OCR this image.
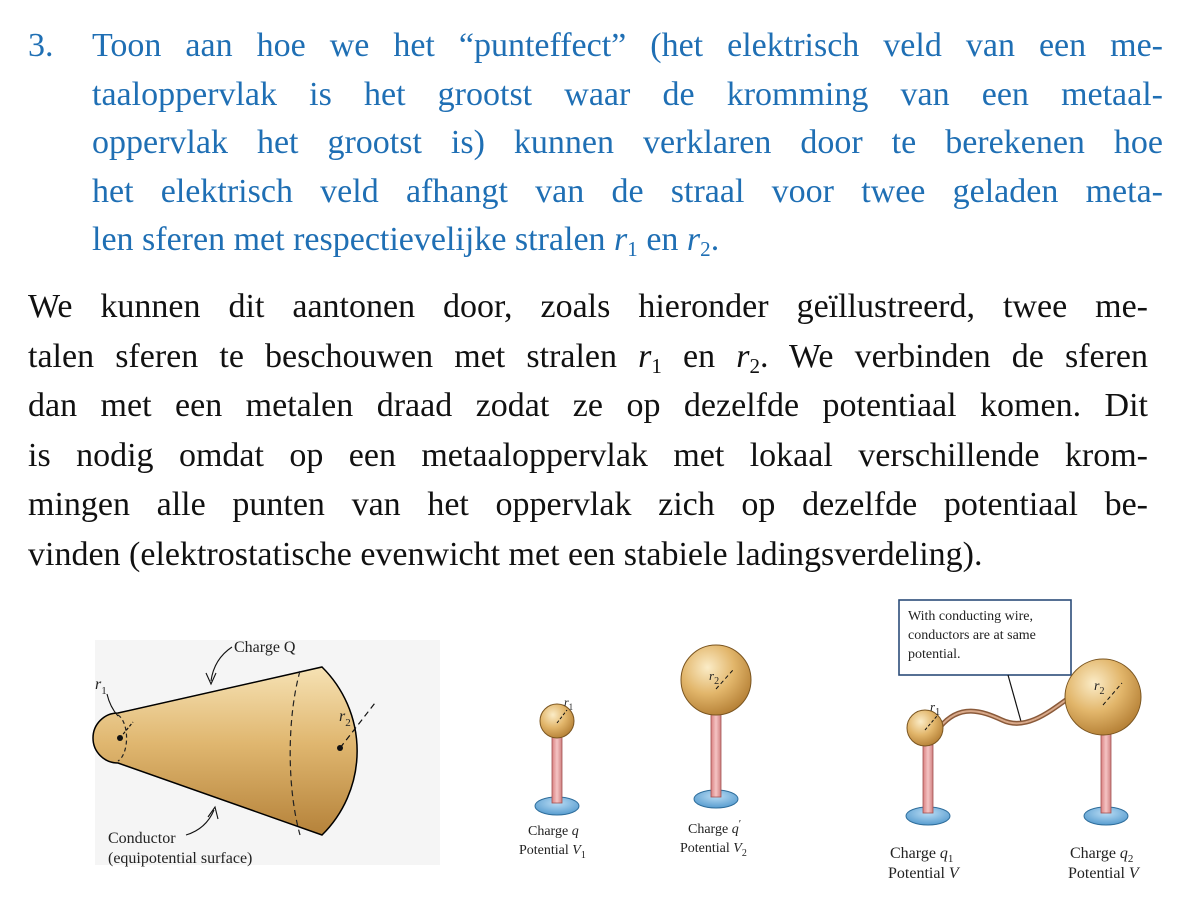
3. Toon aan hoe we het “punteffect” (het elektrisch veld van een me-
taaloppervlak is het grootst waar de kromming van een metaal-
oppervlak het grootst is) kunnen verklaren door te berekenen hoe
het elektrisch veld afhangt van de straal voor twee geladen meta-
len sferen met respectievelijke stralen $r_1$ en $r_2$.
We kunnen dit aantonen door, zoals hieronder geïllustreerd, twee me-
talen sferen te beschouwen met stralen $r_1$ en $r_2$. We verbinden de sferen
dan met een metalen draad zodat ze op dezelfde potentiaal komen. Dit
is nodig omdat op een metaaloppervlak met lokaal verschillende krom-
mingen alle punten van het oppervlak zich op dezelfde potentiaal be-
vinden (elektrostatische evenwicht met een stabiele ladingsverdeling).
$r_1$
$r_2$
Charge Q
Conductor
(equipotential surface)
$r_1$
Charge q
Potential $V_1$
$r_2$
Charge q′
Potential $V_2$
With conducting wire,
conductors are at same
potential.
$r_1$
$r_2$
Charge $q_1$
Potential V
Charge $q_2$
Potential V
